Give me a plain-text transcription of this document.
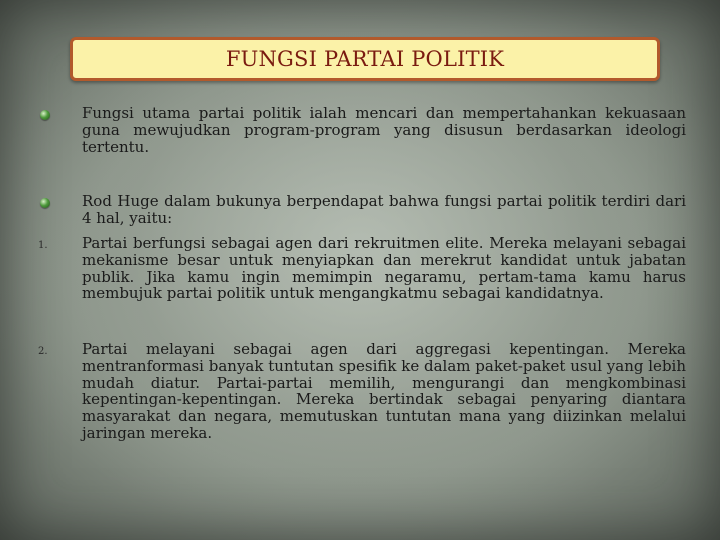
FUNGSI PARTAI POLITIK
Fungsi utama partai politik ialah mencari dan mempertahankan kekuasaan guna mewujudkan program-program yang disusun berdasarkan ideologi tertentu.
Rod Huge dalam bukunya berpendapat bahwa fungsi partai politik terdiri dari 4 hal, yaitu:
1. Partai berfungsi sebagai agen dari rekruitmen elite. Mereka melayani sebagai mekanisme besar untuk menyiapkan dan merekrut kandidat untuk jabatan publik. Jika kamu ingin memimpin negaramu, pertam-tama kamu harus membujuk partai politik untuk mengangkatmu sebagai kandidatnya.
2. Partai melayani sebagai agen dari aggregasi kepentingan. Mereka mentranformasi banyak tuntutan spesifik ke dalam paket-paket usul yang lebih mudah diatur. Partai-partai memilih, mengurangi dan mengkombinasi kepentingan-kepentingan. Mereka bertindak sebagai penyaring diantara masyarakat dan negara, memutuskan tuntutan mana yang diizinkan melalui jaringan mereka.
